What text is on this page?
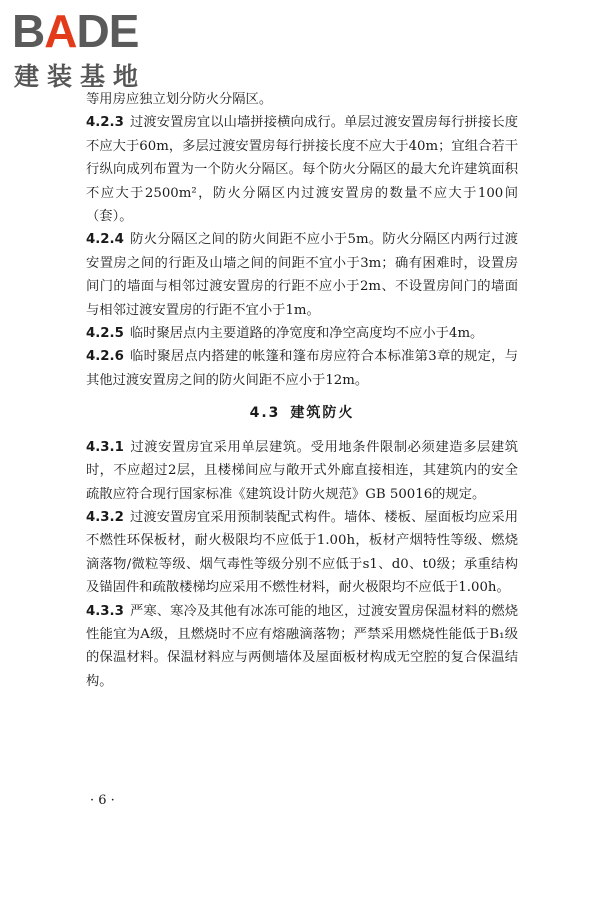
BADE
建装基地

等用房应独立划分防火分隔区。

4.2.3 过渡安置房宜以山墙拼接横向成行。单层过渡安置房每行拼接长度不应大于60m，多层过渡安置房每行拼接长度不应大于40m；宜组合若干行纵向成列布置为一个防火分隔区。每个防火分隔区的最大允许建筑面积不应大于2500m²，防火分隔区内过渡安置房的数量不应大于100间（套）。

4.2.4 防火分隔区之间的防火间距不应小于5m。防火分隔区内两行过渡安置房之间的行距及山墙之间的间距不宜小于3m；确有困难时，设置房间门的墙面与相邻过渡安置房的行距不应小于2m、不设置房间门的墙面与相邻过渡安置房的行距不宜小于1m。

4.2.5 临时聚居点内主要道路的净宽度和净空高度均不应小于4m。

4.2.6 临时聚居点内搭建的帐篷和篷布房应符合本标准第3章的规定，与其他过渡安置房之间的防火间距不应小于12m。

4.3 建筑防火

4.3.1 过渡安置房宜采用单层建筑。受用地条件限制必须建造多层建筑时，不应超过2层，且楼梯间应与敞开式外廊直接相连，其建筑内的安全疏散应符合现行国家标准《建筑设计防火规范》GB 50016的规定。

4.3.2 过渡安置房宜采用预制装配式构件。墙体、楼板、屋面板均应采用不燃性环保板材，耐火极限均不应低于1.00h，板材产烟特性等级、燃烧滴落物/微粒等级、烟气毒性等级分别不应低于s1、d0、t0级；承重结构及锚固件和疏散楼梯均应采用不燃性材料，耐火极限均不应低于1.00h。

4.3.3 严寒、寒冷及其他有冰冻可能的地区，过渡安置房保温材料的燃烧性能宜为A级，且燃烧时不应有熔融滴落物；严禁采用燃烧性能低于B₁级的保温材料。保温材料应与两侧墙体及屋面板材构成无空腔的复合保温结构。

· 6 ·
